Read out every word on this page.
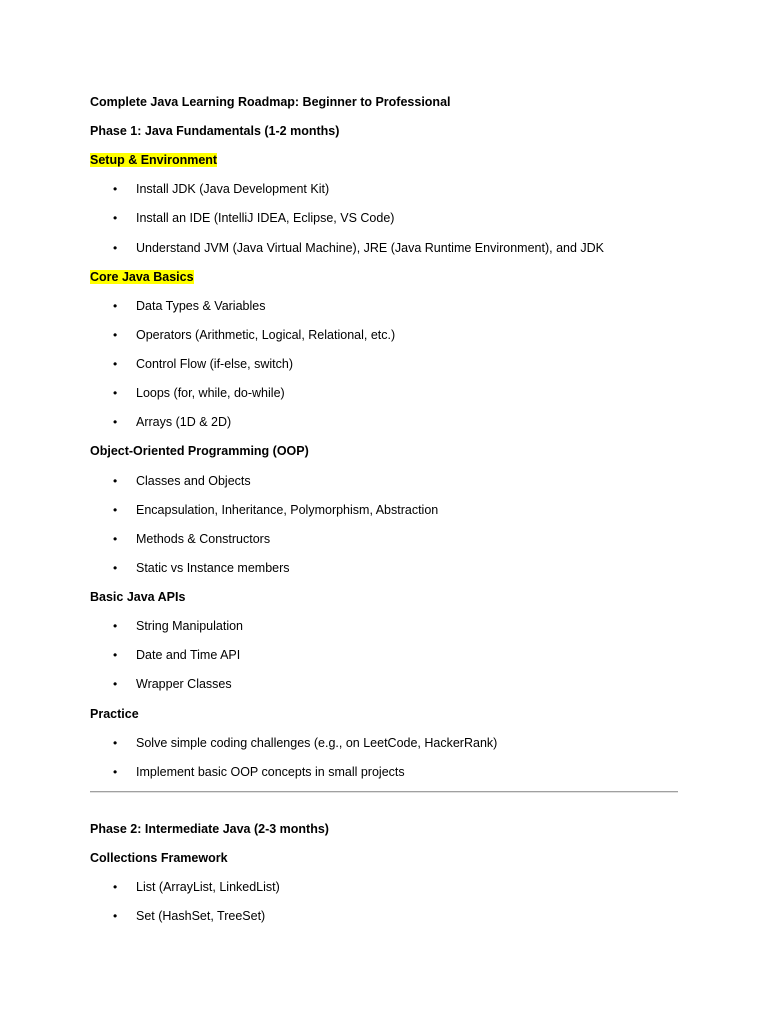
Complete Java Learning Roadmap: Beginner to Professional
Phase 1: Java Fundamentals (1-2 months)
Setup & Environment
• Install JDK (Java Development Kit)
• Install an IDE (IntelliJ IDEA, Eclipse, VS Code)
• Understand JVM (Java Virtual Machine), JRE (Java Runtime Environment), and JDK
Core Java Basics
• Data Types & Variables
• Operators (Arithmetic, Logical, Relational, etc.)
• Control Flow (if-else, switch)
• Loops (for, while, do-while)
• Arrays (1D & 2D)
Object-Oriented Programming (OOP)
• Classes and Objects
• Encapsulation, Inheritance, Polymorphism, Abstraction
• Methods & Constructors
• Static vs Instance members
Basic Java APIs
• String Manipulation
• Date and Time API
• Wrapper Classes
Practice
• Solve simple coding challenges (e.g., on LeetCode, HackerRank)
• Implement basic OOP concepts in small projects
Phase 2: Intermediate Java (2-3 months)
Collections Framework
• List (ArrayList, LinkedList)
• Set (HashSet, TreeSet)
